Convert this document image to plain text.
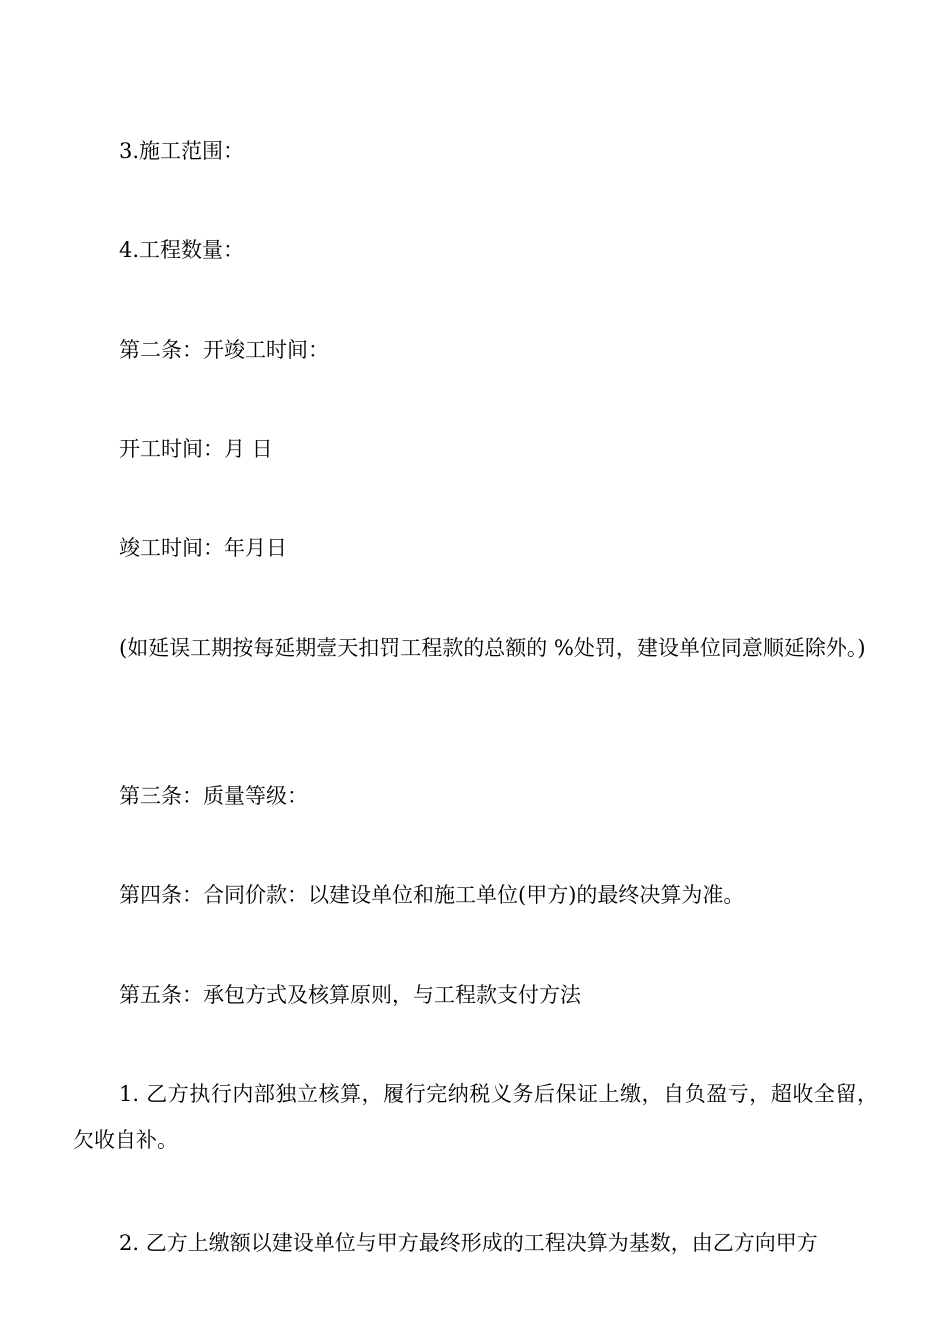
3.施工范围：

4.工程数量：

第二条：开竣工时间：

开工时间：月 日

竣工时间：年月日

(如延误工期按每延期壹天扣罚工程款的总额的 %处罚，建设单位同意顺延除外。)

第三条：质量等级：

第四条：合同价款：以建设单位和施工单位(甲方)的最终决算为准。

第五条：承包方式及核算原则，与工程款支付方法

1. 乙方执行内部独立核算，履行完纳税义务后保证上缴，自负盈亏，超收全留，欠收自补。

2. 乙方上缴额以建设单位与甲方最终形成的工程决算为基数，由乙方向甲方
